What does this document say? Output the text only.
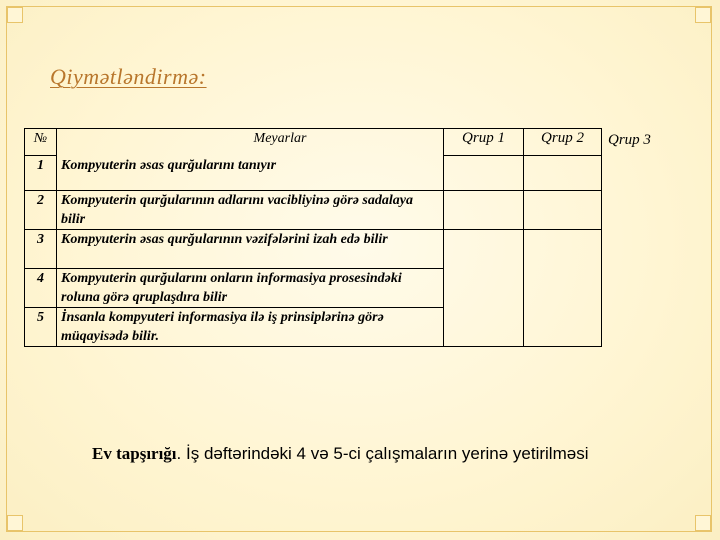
Qiymətləndirmə:
№	Meyarlar	Qrup 1	Qrup 2
1	Kompyuterin əsas qurğularını tanıyır		
2	Kompyuterin qurğularının adlarını vacibliyinə görə sadalaya bilir		
3	Kompyuterin əsas qurğularının vəzifələrini izah edə bilir		
4	Kompyuterin qurğularını onların informasiya prosesindəki roluna görə qruplaşdıra bilir		
5	İnsanla kompyuteri informasiya ilə iş prinsiplərinə görə müqayisədə bilir.		
Qrup 3

Ev tapşırığı. İş dəftərindəki 4 və 5-ci çalışmaların yerinə yetirilməsi
